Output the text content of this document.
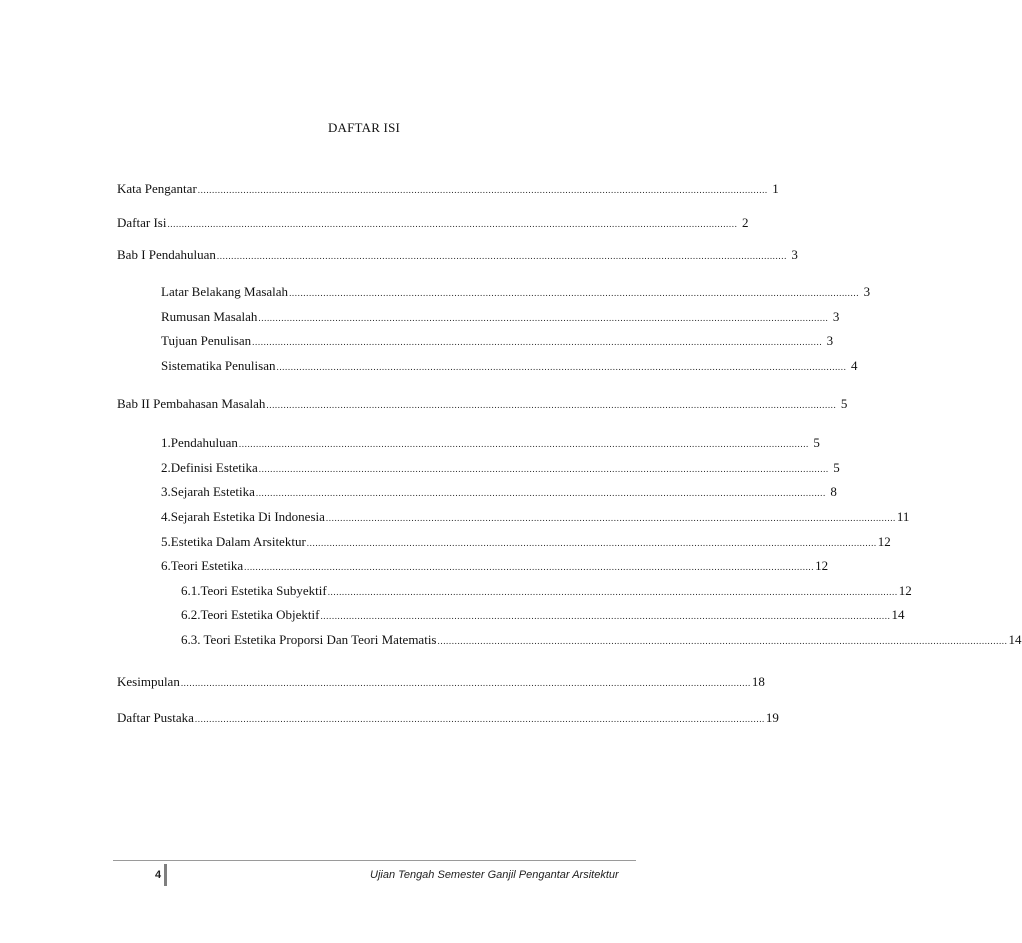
DAFTAR ISI
Kata Pengantar ........................................................................................................................................................................................................ 1
Daftar Isi ........................................................................................................................................................................................................ 2
Bab I Pendahuluan ........................................................................................................................................................................................................ 3
Latar Belakang Masalah ........................................................................................................................................................................................................ 3
Rumusan Masalah ........................................................................................................................................................................................................ 3
Tujuan Penulisan ........................................................................................................................................................................................................ 3
Sistematika Penulisan ........................................................................................................................................................................................................ 4
Bab II Pembahasan Masalah ........................................................................................................................................................................................................ 5
1.Pendahuluan ........................................................................................................................................................................................................ 5
2.Definisi Estetika ........................................................................................................................................................................................................ 5
3.Sejarah Estetika ........................................................................................................................................................................................................ 8
4.Sejarah Estetika Di Indonesia ........................................................................................................................................................................................................ 11
5.Estetika Dalam Arsitektur ........................................................................................................................................................................................................ 12
6.Teori Estetika ........................................................................................................................................................................................................ 12
6.1.Teori Estetika Subyektif ........................................................................................................................................................................................................ 12
6.2.Teori Estetika Objektif ........................................................................................................................................................................................................ 14
6.3. Teori Estetika Proporsi Dan Teori Matematis ........................................................................................................................................................................................................ 14
Kesimpulan ........................................................................................................................................................................................................ 18
Daftar Pustaka ........................................................................................................................................................................................................ 19
4	Ujian Tengah Semester Ganjil Pengantar Arsitektur
